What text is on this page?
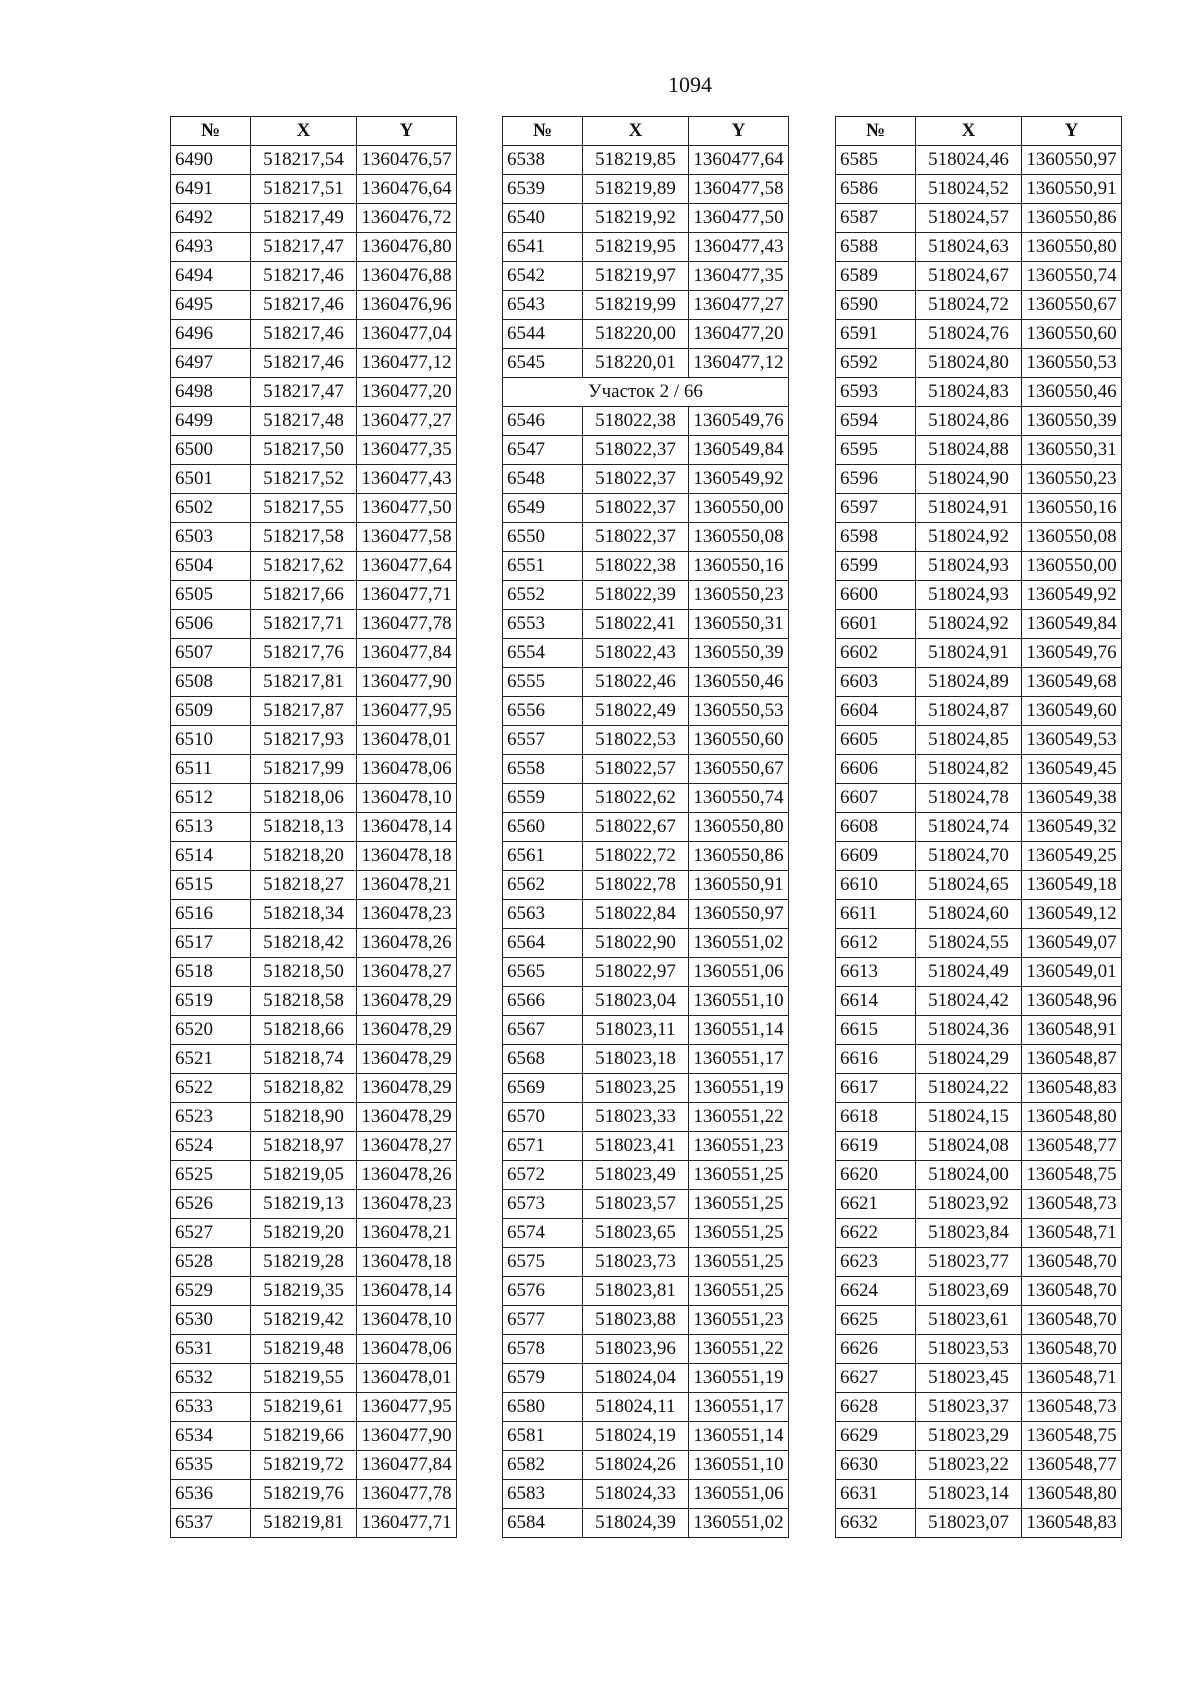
1094
№	X	Y
6490	518217,54	1360476,57
6491	518217,51	1360476,64
6492	518217,49	1360476,72
6493	518217,47	1360476,80
6494	518217,46	1360476,88
6495	518217,46	1360476,96
6496	518217,46	1360477,04
6497	518217,46	1360477,12
6498	518217,47	1360477,20
6499	518217,48	1360477,27
6500	518217,50	1360477,35
6501	518217,52	1360477,43
6502	518217,55	1360477,50
6503	518217,58	1360477,58
6504	518217,62	1360477,64
6505	518217,66	1360477,71
6506	518217,71	1360477,78
6507	518217,76	1360477,84
6508	518217,81	1360477,90
6509	518217,87	1360477,95
6510	518217,93	1360478,01
6511	518217,99	1360478,06
6512	518218,06	1360478,10
6513	518218,13	1360478,14
6514	518218,20	1360478,18
6515	518218,27	1360478,21
6516	518218,34	1360478,23
6517	518218,42	1360478,26
6518	518218,50	1360478,27
6519	518218,58	1360478,29
6520	518218,66	1360478,29
6521	518218,74	1360478,29
6522	518218,82	1360478,29
6523	518218,90	1360478,29
6524	518218,97	1360478,27
6525	518219,05	1360478,26
6526	518219,13	1360478,23
6527	518219,20	1360478,21
6528	518219,28	1360478,18
6529	518219,35	1360478,14
6530	518219,42	1360478,10
6531	518219,48	1360478,06
6532	518219,55	1360478,01
6533	518219,61	1360477,95
6534	518219,66	1360477,90
6535	518219,72	1360477,84
6536	518219,76	1360477,78
6537	518219,81	1360477,71
№	X	Y
6538	518219,85	1360477,64
6539	518219,89	1360477,58
6540	518219,92	1360477,50
6541	518219,95	1360477,43
6542	518219,97	1360477,35
6543	518219,99	1360477,27
6544	518220,00	1360477,20
6545	518220,01	1360477,12
Участок 2 / 66		
6546	518022,38	1360549,76
6547	518022,37	1360549,84
6548	518022,37	1360549,92
6549	518022,37	1360550,00
6550	518022,37	1360550,08
6551	518022,38	1360550,16
6552	518022,39	1360550,23
6553	518022,41	1360550,31
6554	518022,43	1360550,39
6555	518022,46	1360550,46
6556	518022,49	1360550,53
6557	518022,53	1360550,60
6558	518022,57	1360550,67
6559	518022,62	1360550,74
6560	518022,67	1360550,80
6561	518022,72	1360550,86
6562	518022,78	1360550,91
6563	518022,84	1360550,97
6564	518022,90	1360551,02
6565	518022,97	1360551,06
6566	518023,04	1360551,10
6567	518023,11	1360551,14
6568	518023,18	1360551,17
6569	518023,25	1360551,19
6570	518023,33	1360551,22
6571	518023,41	1360551,23
6572	518023,49	1360551,25
6573	518023,57	1360551,25
6574	518023,65	1360551,25
6575	518023,73	1360551,25
6576	518023,81	1360551,25
6577	518023,88	1360551,23
6578	518023,96	1360551,22
6579	518024,04	1360551,19
6580	518024,11	1360551,17
6581	518024,19	1360551,14
6582	518024,26	1360551,10
6583	518024,33	1360551,06
6584	518024,39	1360551,02
№	X	Y
6585	518024,46	1360550,97
6586	518024,52	1360550,91
6587	518024,57	1360550,86
6588	518024,63	1360550,80
6589	518024,67	1360550,74
6590	518024,72	1360550,67
6591	518024,76	1360550,60
6592	518024,80	1360550,53
6593	518024,83	1360550,46
6594	518024,86	1360550,39
6595	518024,88	1360550,31
6596	518024,90	1360550,23
6597	518024,91	1360550,16
6598	518024,92	1360550,08
6599	518024,93	1360550,00
6600	518024,93	1360549,92
6601	518024,92	1360549,84
6602	518024,91	1360549,76
6603	518024,89	1360549,68
6604	518024,87	1360549,60
6605	518024,85	1360549,53
6606	518024,82	1360549,45
6607	518024,78	1360549,38
6608	518024,74	1360549,32
6609	518024,70	1360549,25
6610	518024,65	1360549,18
6611	518024,60	1360549,12
6612	518024,55	1360549,07
6613	518024,49	1360549,01
6614	518024,42	1360548,96
6615	518024,36	1360548,91
6616	518024,29	1360548,87
6617	518024,22	1360548,83
6618	518024,15	1360548,80
6619	518024,08	1360548,77
6620	518024,00	1360548,75
6621	518023,92	1360548,73
6622	518023,84	1360548,71
6623	518023,77	1360548,70
6624	518023,69	1360548,70
6625	518023,61	1360548,70
6626	518023,53	1360548,70
6627	518023,45	1360548,71
6628	518023,37	1360548,73
6629	518023,29	1360548,75
6630	518023,22	1360548,77
6631	518023,14	1360548,80
6632	518023,07	1360548,83
